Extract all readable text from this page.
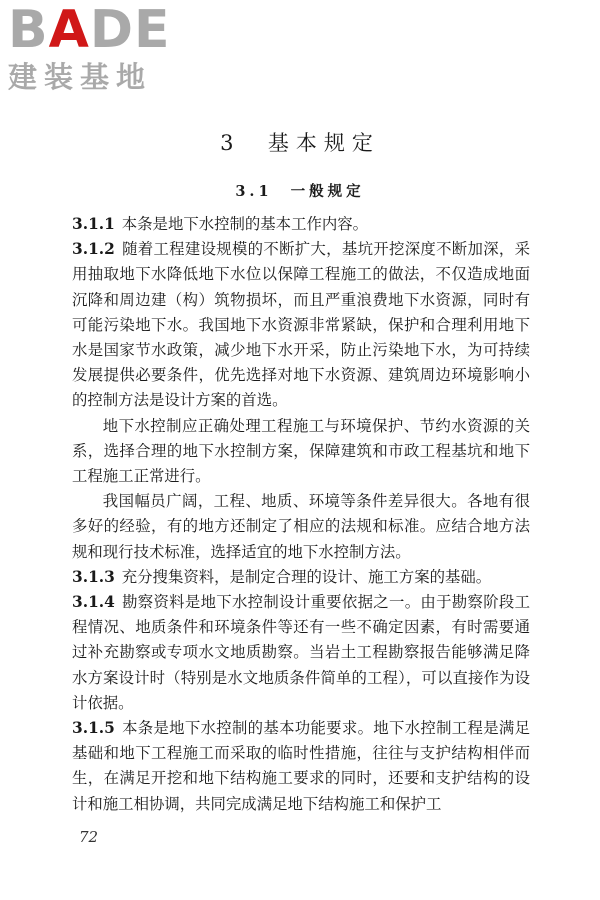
BADE
建装基地
3  基本规定
3.1  一般规定

3.1.1 本条是地下水控制的基本工作内容。

3.1.2 随着工程建设规模的不断扩大，基坑开挖深度不断加深，采用抽取地下水降低地下水位以保障工程施工的做法，不仅造成地面沉降和周边建（构）筑物损坏，而且严重浪费地下水资源，同时有可能污染地下水。我国地下水资源非常紧缺，保护和合理利用地下水是国家节水政策，减少地下水开采，防止污染地下水，为可持续发展提供必要条件，优先选择对地下水资源、建筑周边环境影响小的控制方法是设计方案的首选。

地下水控制应正确处理工程施工与环境保护、节约水资源的关系，选择合理的地下水控制方案，保障建筑和市政工程基坑和地下工程施工正常进行。

我国幅员广阔，工程、地质、环境等条件差异很大。各地有很多好的经验，有的地方还制定了相应的法规和标准。应结合地方法规和现行技术标准，选择适宜的地下水控制方法。

3.1.3 充分搜集资料，是制定合理的设计、施工方案的基础。

3.1.4 勘察资料是地下水控制设计重要依据之一。由于勘察阶段工程情况、地质条件和环境条件等还有一些不确定因素，有时需要通过补充勘察或专项水文地质勘察。当岩土工程勘察报告能够满足降水方案设计时（特别是水文地质条件简单的工程），可以直接作为设计依据。

3.1.5 本条是地下水控制的基本功能要求。地下水控制工程是满足基础和地下工程施工而采取的临时性措施，往往与支护结构相伴而生，在满足开挖和地下结构施工要求的同时，还要和支护结构的设计和施工相协调，共同完成满足地下结构施工和保护工

72
